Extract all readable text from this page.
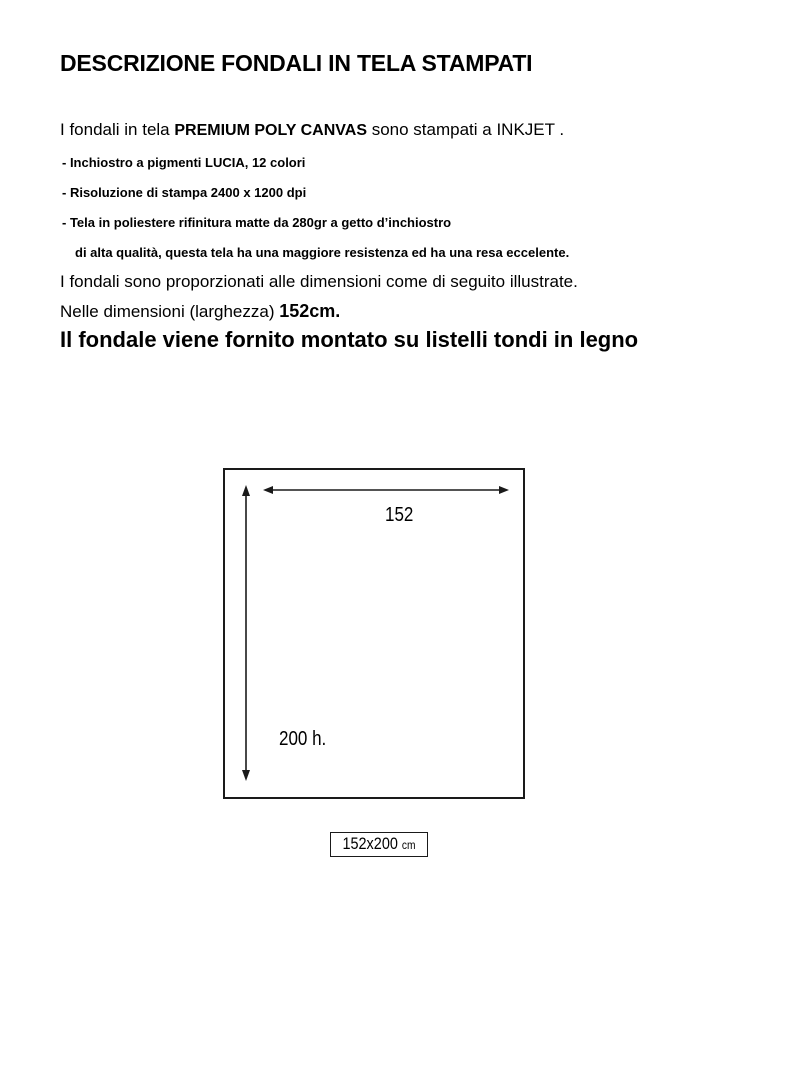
DESCRIZIONE FONDALI IN TELA STAMPATI
I fondali in tela PREMIUM POLY CANVAS sono stampati a INKJET .
- Inchiostro a pigmenti LUCIA, 12 colori
- Risoluzione di stampa 2400 x 1200 dpi
- Tela in poliestere rifinitura matte da 280gr a getto d’inchiostro
di alta qualità, questa tela ha una maggiore resistenza ed ha una resa eccelente.
I fondali sono proporzionati alle dimensioni come di seguito illustrate.
Nelle dimensioni (larghezza) 152cm.
Il fondale viene fornito montato su listelli tondi in legno
152
200 h.
152x200 cm
